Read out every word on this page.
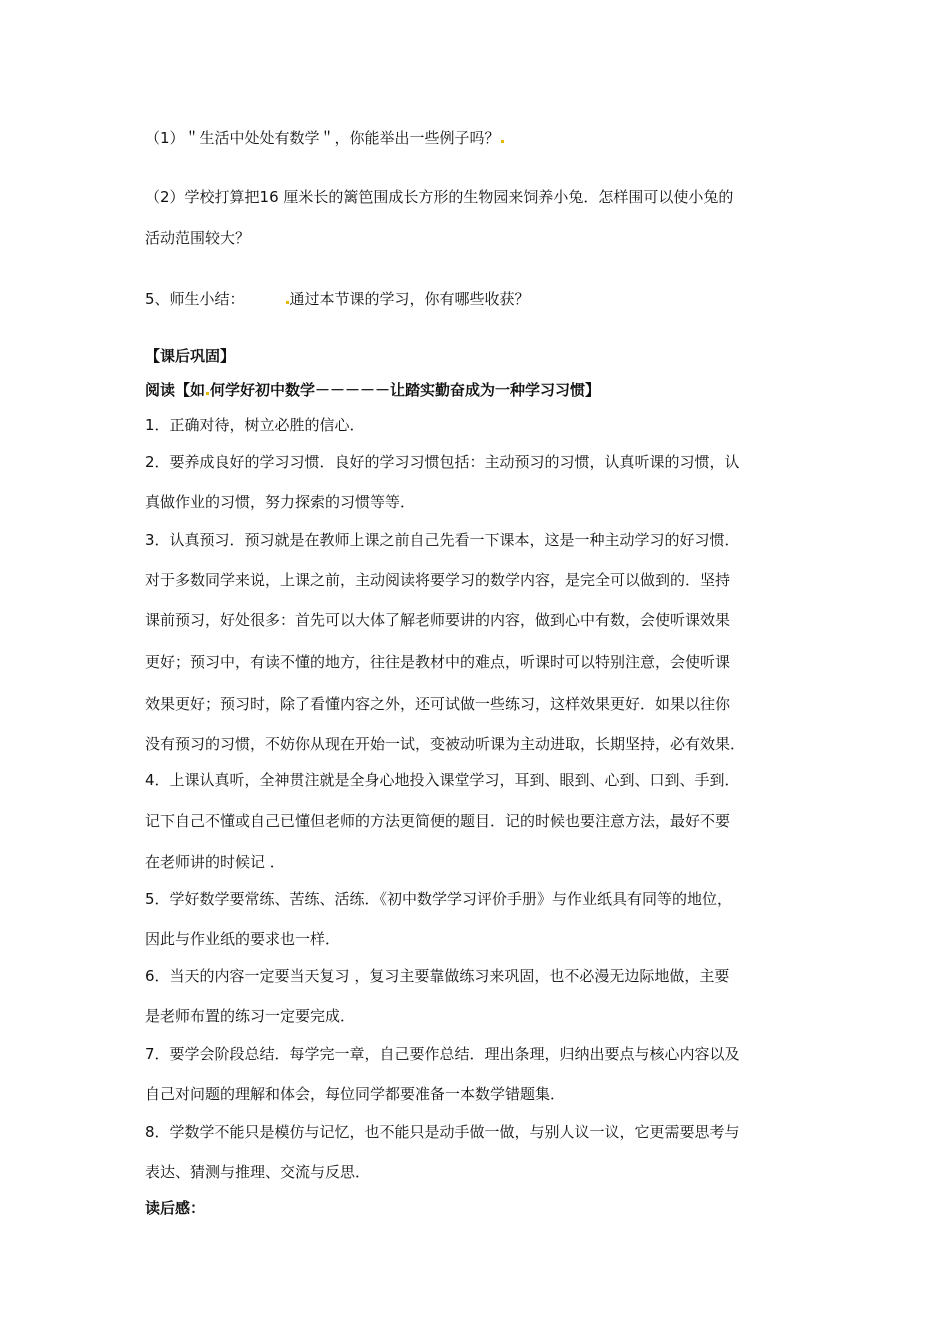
（1）＂生活中处处有数学＂，你能举出一些例子吗？
（2）学校打算把16 厘米长的篱笆围成长方形的生物园来饲养小兔．怎样围可以使小兔的
活动范围较大？
5、师生小结：	通过本节课的学习，你有哪些收获？
【课后巩固】
阅读【如 何学好初中数学－－－－－让踏实勤奋成为一种学习习惯】
1．正确对待，树立必胜的信心．
2．要养成良好的学习习惯．良好的学习习惯包括：主动预习的习惯，认真听课的习惯，认
真做作业的习惯，努力探索的习惯等等．
3．认真预习．预习就是在教师上课之前自己先看一下课本，这是一种主动学习的好习惯．
对于多数同学来说，上课之前，主动阅读将要学习的数学内容，是完全可以做到的．坚持
课前预习，好处很多：首先可以大体了解老师要讲的内容，做到心中有数，会使听课效果
更好；预习中，有读不懂的地方，往往是教材中的难点，听课时可以特别注意，会使听课
效果更好；预习时，除了看懂内容之外，还可试做一些练习，这样效果更好．如果以往你
没有预习的习惯，不妨你从现在开始一试，变被动听课为主动进取，长期坚持，必有效果．
4．上课认真听，全神贯注就是全身心地投入课堂学习，耳到、眼到、心到、口到、手到．
记下自己不懂或自己已懂但老师的方法更简便的题目．记的时候也要注意方法，最好不要
在老师讲的时候记 ．
5．学好数学要常练、苦练、活练．《初中数学学习评价手册》与作业纸具有同等的地位，
因此与作业纸的要求也一样．
6．当天的内容一定要当天复习 ，复习主要靠做练习来巩固，也不必漫无边际地做，主要
是老师布置的练习一定要完成．
7．要学会阶段总结．每学完一章，自己要作总结．理出条理，归纳出要点与核心内容以及
自己对问题的理解和体会，每位同学都要准备一本数学错题集．
8．学数学不能只是模仿与记忆，也不能只是动手做一做，与别人议一议，它更需要思考与
表达、猜测与推理、交流与反思．
读后感：
